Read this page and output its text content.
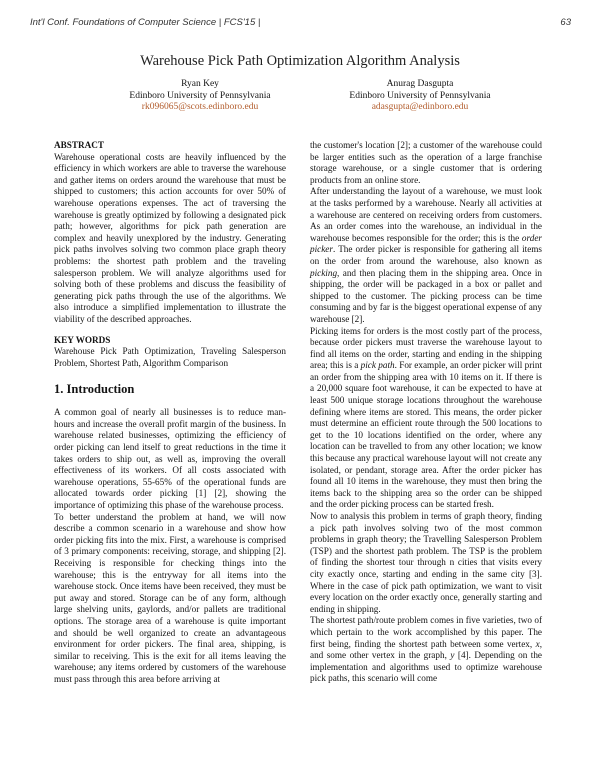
Int'l Conf. Foundations of Computer Science | FCS'15 |	63
Warehouse Pick Path Optimization Algorithm Analysis
Ryan Key
Edinboro University of Pennsylvania
rk096065@scots.edinboro.edu
Anurag Dasgupta
Edinboro University of Pennsylvania
adasgupta@edinboro.edu
ABSTRACT

Warehouse operational costs are heavily influenced by the efficiency in which workers are able to traverse the warehouse and gather items on orders around the warehouse that must be shipped to customers; this action accounts for over 50% of warehouse operations expenses. The act of traversing the warehouse is greatly optimized by following a designated pick path; however, algorithms for pick path generation are complex and heavily unexplored by the industry. Generating pick paths involves solving two common place graph theory problems: the shortest path problem and the traveling salesperson problem. We will analyze algorithms used for solving both of these problems and discuss the feasibility of generating pick paths through the use of the algorithms. We also introduce a simplified implementation to illustrate the viability of the described approaches.

KEY WORDS

Warehouse Pick Path Optimization, Traveling Salesperson Problem, Shortest Path, Algorithm Comparison

1. Introduction

A common goal of nearly all businesses is to reduce man-hours and increase the overall profit margin of the business. In warehouse related businesses, optimizing the efficiency of order picking can lend itself to great reductions in the time it takes orders to ship out, as well as, improving the overall effectiveness of its workers. Of all costs associated with warehouse operations, 55-65% of the operational funds are allocated towards order picking [1] [2], showing the importance of optimizing this phase of the warehouse process.

To better understand the problem at hand, we will now describe a common scenario in a warehouse and show how order picking fits into the mix. First, a warehouse is comprised of 3 primary components: receiving, storage, and shipping [2]. Receiving is responsible for checking things into the warehouse; this is the entryway for all items into the warehouse stock. Once items have been received, they must be put away and stored. Storage can be of any form, although large shelving units, gaylords, and/or pallets are traditional options. The storage area of a warehouse is quite important and should be well organized to create an advantageous environment for order pickers. The final area, shipping, is similar to receiving. This is the exit for all items leaving the warehouse; any items ordered by customers of the warehouse must pass through this area before arriving at

the customer's location [2]; a customer of the warehouse could be larger entities such as the operation of a large franchise storage warehouse, or a single customer that is ordering products from an online store.

After understanding the layout of a warehouse, we must look at the tasks performed by a warehouse. Nearly all activities at a warehouse are centered on receiving orders from customers. As an order comes into the warehouse, an individual in the warehouse becomes responsible for the order; this is the order picker. The order picker is responsible for gathering all items on the order from around the warehouse, also known as picking, and then placing them in the shipping area. Once in shipping, the order will be packaged in a box or pallet and shipped to the customer. The picking process can be time consuming and by far is the biggest operational expense of any warehouse [2].

Picking items for orders is the most costly part of the process, because order pickers must traverse the warehouse layout to find all items on the order, starting and ending in the shipping area; this is a pick path. For example, an order picker will print an order from the shipping area with 10 items on it. If there is a 20,000 square foot warehouse, it can be expected to have at least 500 unique storage locations throughout the warehouse defining where items are stored. This means, the order picker must determine an efficient route through the 500 locations to get to the 10 locations identified on the order, where any location can be travelled to from any other location; we know this because any practical warehouse layout will not create any isolated, or pendant, storage area. After the order picker has found all 10 items in the warehouse, they must then bring the items back to the shipping area so the order can be shipped and the order picking process can be started fresh.

Now to analysis this problem in terms of graph theory, finding a pick path involves solving two of the most common problems in graph theory; the Travelling Salesperson Problem (TSP) and the shortest path problem. The TSP is the problem of finding the shortest tour through n cities that visits every city exactly once, starting and ending in the same city [3]. Where in the case of pick path optimization, we want to visit every location on the order exactly once, generally starting and ending in shipping.

The shortest path/route problem comes in five varieties, two of which pertain to the work accomplished by this paper. The first being, finding the shortest path between some vertex, x, and some other vertex in the graph, y [4]. Depending on the implementation and algorithms used to optimize warehouse pick paths, this scenario will come
